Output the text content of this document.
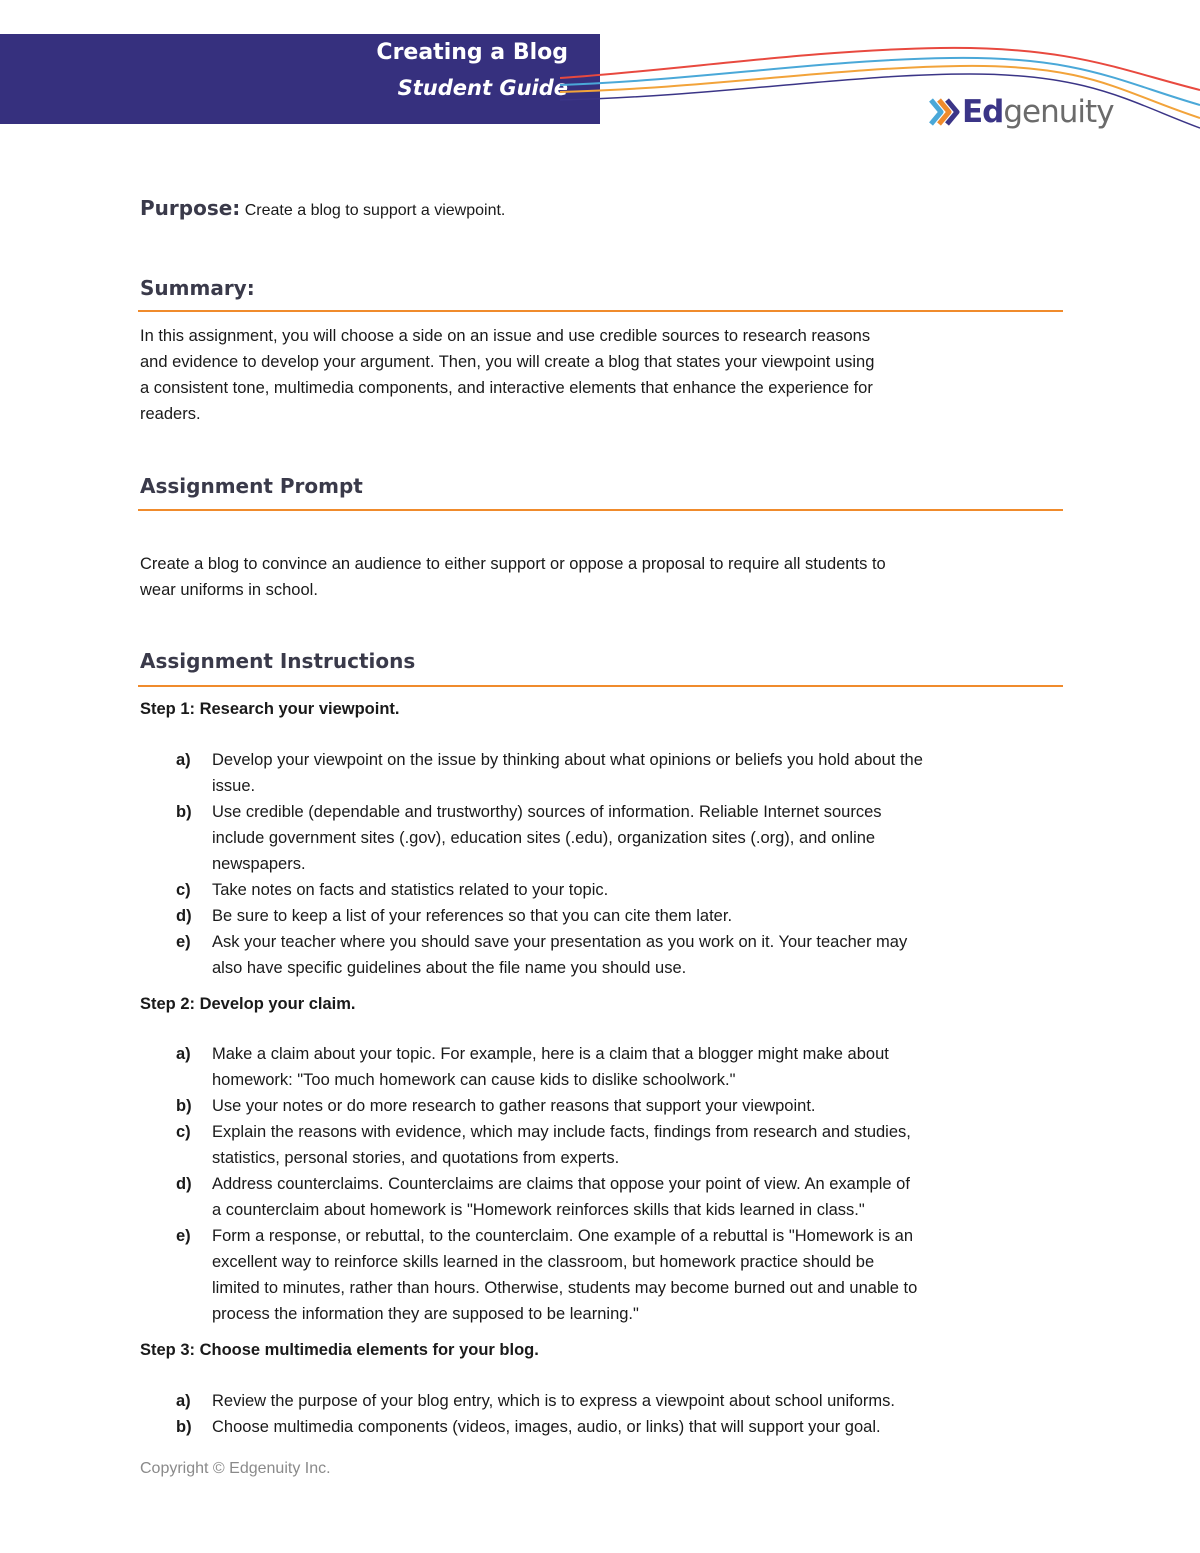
Creating a Blog
Student Guide
Edgenuity
Purpose: Create a blog to support a viewpoint.
Summary:

In this assignment, you will choose a side on an issue and use credible sources to research reasons
and evidence to develop your argument. Then, you will create a blog that states your viewpoint using
a consistent tone, multimedia components, and interactive elements that enhance the experience for
readers.

Assignment Prompt

Create a blog to convince an audience to either support or oppose a proposal to require all students to
wear uniforms in school.

Assignment Instructions

Step 1: Research your viewpoint.

a) Develop your viewpoint on the issue by thinking about what opinions or beliefs you hold about the
issue.
b) Use credible (dependable and trustworthy) sources of information. Reliable Internet sources
include government sites (.gov), education sites (.edu), organization sites (.org), and online
newspapers.
c) Take notes on facts and statistics related to your topic.
d) Be sure to keep a list of your references so that you can cite them later.
e) Ask your teacher where you should save your presentation as you work on it. Your teacher may
also have specific guidelines about the file name you should use.

Step 2: Develop your claim.

a) Make a claim about your topic. For example, here is a claim that a blogger might make about
homework: "Too much homework can cause kids to dislike schoolwork."
b) Use your notes or do more research to gather reasons that support your viewpoint.
c) Explain the reasons with evidence, which may include facts, findings from research and studies,
statistics, personal stories, and quotations from experts.
d) Address counterclaims. Counterclaims are claims that oppose your point of view. An example of
a counterclaim about homework is "Homework reinforces skills that kids learned in class."
e) Form a response, or rebuttal, to the counterclaim. One example of a rebuttal is "Homework is an
excellent way to reinforce skills learned in the classroom, but homework practice should be
limited to minutes, rather than hours. Otherwise, students may become burned out and unable to
process the information they are supposed to be learning."

Step 3: Choose multimedia elements for your blog.

a) Review the purpose of your blog entry, which is to express a viewpoint about school uniforms.
b) Choose multimedia components (videos, images, audio, or links) that will support your goal.
Copyright © Edgenuity Inc.
